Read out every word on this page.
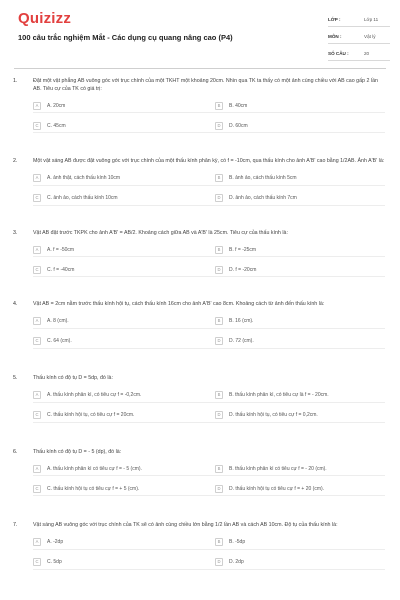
Quizizz
100 câu trắc nghiệm Mắt - Các dụng cụ quang nâng cao (P4)
LỚP :	Lớp 11
MÔN :	Vật lý
SỐ CÂU :	20
1.	Đặt một vật phẳng AB vuông góc với trục chính của một TKHT một khoảng 20cm. Nhìn qua TK ta thấy có một ảnh cùng chiều với AB cao gấp 2 lần AB. Tiêu cự của TK có giá trị:
A	A. 20cm	B	B. 40cm
C	C. 45cm	D	D. 60cm
2.	Một vật sáng AB được đặt vuông góc với trục chính của một thấu kính phân kỳ, có f = -10cm, qua thấu kính cho ảnh A'B' cao bằng 1/2AB. Ảnh A'B' là:
A	A. ảnh thật, cách thấu kính 10cm	B	B. ảnh ảo, cách thấu kính 5cm
C	C. ảnh ảo, cách thấu kính 10cm	D	D. ảnh ảo, cách thấu kính 7cm
3.	Vật AB đặt trước TKPK cho ảnh A'B' = AB/2. Khoảng cách giữa AB và A'B' là 25cm. Tiêu cự của thấu kính là:
A	A. f = -50cm	B	B. f = -25cm
C	C. f = -40cm	D	D. f = -20cm
4.	Vật AB = 2cm nằm trước thấu kính hội tụ, cách thấu kính 16cm cho ảnh A'B' cao 8cm. Khoảng cách từ ảnh đến thấu kính là:
A	A. 8 (cm).	B	B. 16 (cm).
C	C. 64 (cm).	D	D. 72 (cm).
5.	Thấu kính có độ tụ D = 5dp, đó là:
A	A. thấu kính phân kì, có tiêu cự f = -0,2cm.	B	B. thấu kính phân kì, có tiêu cự là f = - 20cm.
C	C. thấu kính hội tụ, có tiêu cự f = 20cm.	D	D. thấu kính hội tụ, có tiêu cự f = 0,2cm.
6.	Thấu kính có độ tụ D = - 5 (dp), đó là:
A	A. thấu kính phân kì có tiêu cự f = - 5 (cm).	B	B. thấu kính phân kì có tiêu cự f = - 20 (cm).
C	C. thấu kính hội tụ có tiêu cự f = + 5 (cm).	D	D. thấu kính hội tụ có tiêu cự f = + 20 (cm).
7.	Vật sáng AB vuông góc với trục chính của TK sẽ có ảnh cùng chiều lớn bằng 1/2 lần AB và cách AB 10cm. Độ tụ của thấu kính là:
A	A. -2dp	B	B. -5dp
C	C. 5dp	D	D. 2dp
